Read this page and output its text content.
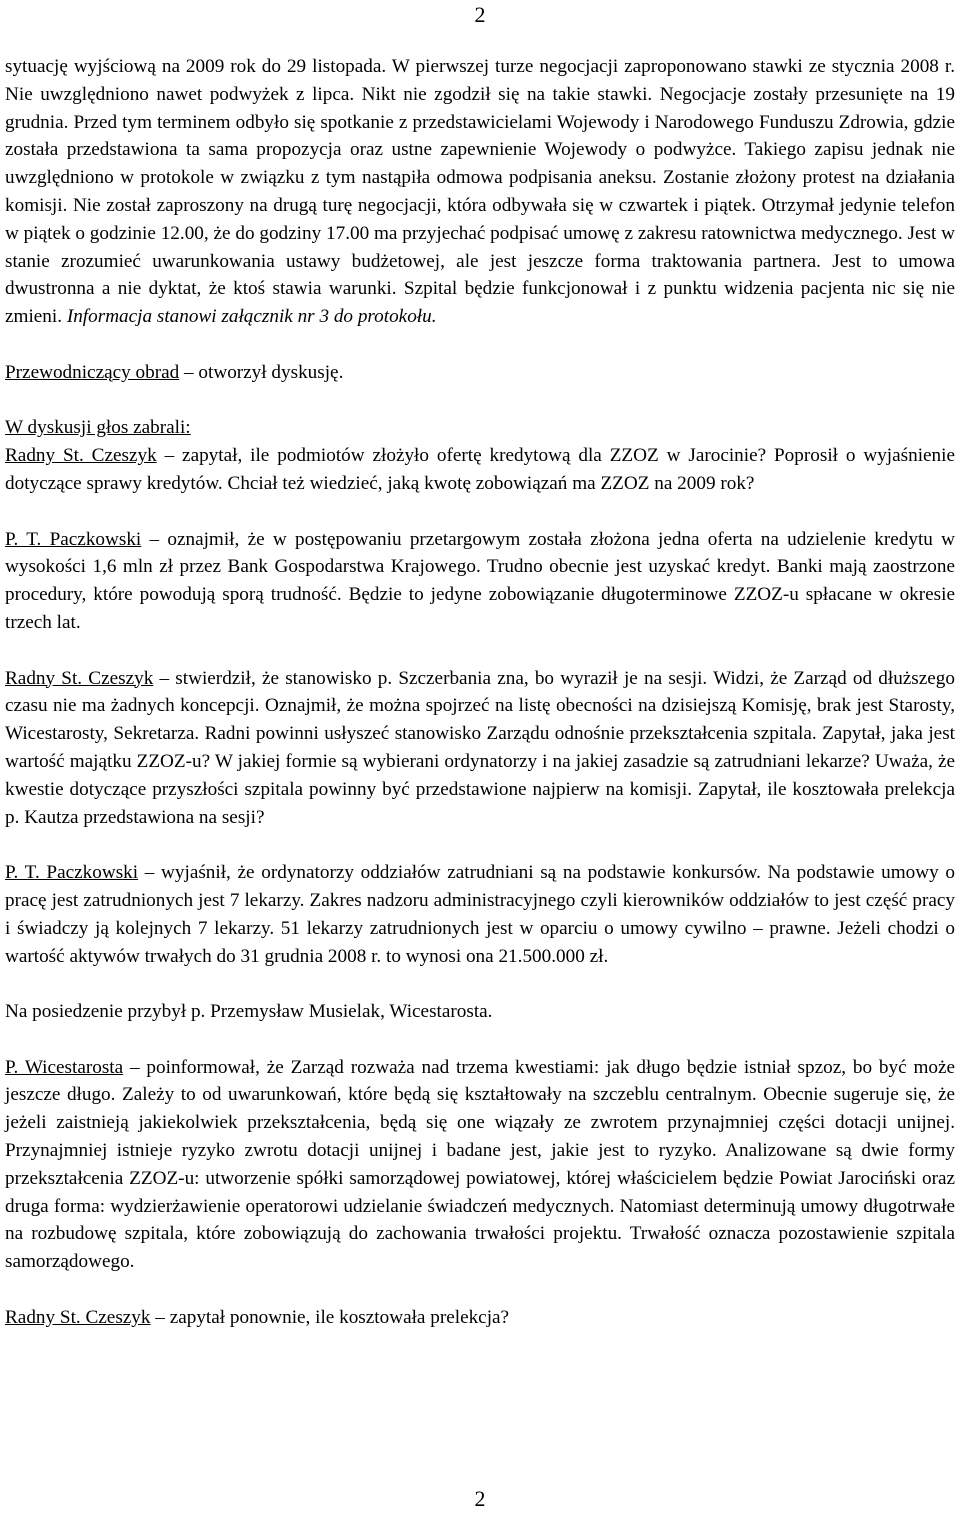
2

sytuację wyjściową na 2009 rok do 29 listopada. W pierwszej turze negocjacji zaproponowano stawki ze stycznia 2008 r. Nie uwzględniono nawet podwyżek z lipca. Nikt nie zgodził się na takie stawki. Negocjacje zostały przesunięte na 19 grudnia. Przed tym terminem odbyło się spotkanie z przedstawicielami Wojewody i Narodowego Funduszu Zdrowia, gdzie została przedstawiona ta sama propozycja oraz ustne zapewnienie Wojewody o podwyżce. Takiego zapisu jednak nie uwzględniono w protokole w związku z tym nastąpiła odmowa podpisania aneksu. Zostanie złożony protest na działania komisji. Nie został zaproszony na drugą turę negocjacji, która odbywała się w czwartek i piątek. Otrzymał jedynie telefon w piątek o godzinie 12.00, że do godziny 17.00 ma przyjechać podpisać umowę z zakresu ratownictwa medycznego. Jest w stanie zrozumieć uwarunkowania ustawy budżetowej, ale jest jeszcze forma traktowania partnera. Jest to umowa dwustronna a nie dyktat, że ktoś stawia warunki. Szpital będzie funkcjonował i z punktu widzenia pacjenta nic się nie zmieni. Informacja stanowi załącznik nr 3 do protokołu.

Przewodniczący obrad – otworzył dyskusję.

W dyskusji głos zabrali:

Radny St. Czeszyk – zapytał, ile podmiotów złożyło ofertę kredytową dla ZZOZ w Jarocinie? Poprosił o wyjaśnienie dotyczące sprawy kredytów. Chciał też wiedzieć, jaką kwotę zobowiązań ma ZZOZ na 2009 rok?

P. T. Paczkowski – oznajmił, że w postępowaniu przetargowym została złożona jedna oferta na udzielenie kredytu w wysokości 1,6 mln zł przez Bank Gospodarstwa Krajowego. Trudno obecnie jest uzyskać kredyt. Banki mają zaostrzone procedury, które powodują sporą trudność. Będzie to jedyne zobowiązanie długoterminowe ZZOZ-u spłacane w okresie trzech lat.

Radny St. Czeszyk – stwierdził, że stanowisko p. Szczerbania zna, bo wyraził je na sesji. Widzi, że Zarząd od dłuższego czasu nie ma żadnych koncepcji. Oznajmił, że można spojrzeć na listę obecności na dzisiejszą Komisję, brak jest Starosty, Wicestarosty, Sekretarza. Radni powinni usłyszeć stanowisko Zarządu odnośnie przekształcenia szpitala. Zapytał, jaka jest wartość majątku ZZOZ-u? W jakiej formie są wybierani ordynatorzy i na jakiej zasadzie są zatrudniani lekarze? Uważa, że kwestie dotyczące przyszłości szpitala powinny być przedstawione najpierw na komisji. Zapytał, ile kosztowała prelekcja p. Kautza przedstawiona na sesji?

P. T. Paczkowski – wyjaśnił, że ordynatorzy oddziałów zatrudniani są na podstawie konkursów. Na podstawie umowy o pracę jest zatrudnionych jest 7 lekarzy. Zakres nadzoru administracyjnego czyli kierowników oddziałów to jest część pracy i świadczy ją kolejnych 7 lekarzy. 51 lekarzy zatrudnionych jest w oparciu o umowy cywilno – prawne. Jeżeli chodzi o wartość aktywów trwałych do 31 grudnia 2008 r. to wynosi ona 21.500.000 zł.

Na posiedzenie przybył p. Przemysław Musielak, Wicestarosta.

P. Wicestarosta – poinformował, że Zarząd rozważa nad trzema kwestiami: jak długo będzie istniał spzoz, bo być może jeszcze długo. Zależy to od uwarunkowań, które będą się kształtowały na szczeblu centralnym. Obecnie sugeruje się, że jeżeli zaistnieją jakiekolwiek przekształcenia, będą się one wiązały ze zwrotem przynajmniej części dotacji unijnej. Przynajmniej istnieje ryzyko zwrotu dotacji unijnej i badane jest, jakie jest to ryzyko. Analizowane są dwie formy przekształcenia ZZOZ-u: utworzenie spółki samorządowej powiatowej, której właścicielem będzie Powiat Jarociński oraz druga forma: wydzierżawienie operatorowi udzielanie świadczeń medycznych. Natomiast determinują umowy długotrwałe na rozbudowę szpitala, które zobowiązują do zachowania trwałości projektu. Trwałość oznacza pozostawienie szpitala samorządowego.

Radny St. Czeszyk – zapytał ponownie, ile kosztowała prelekcja?

2
